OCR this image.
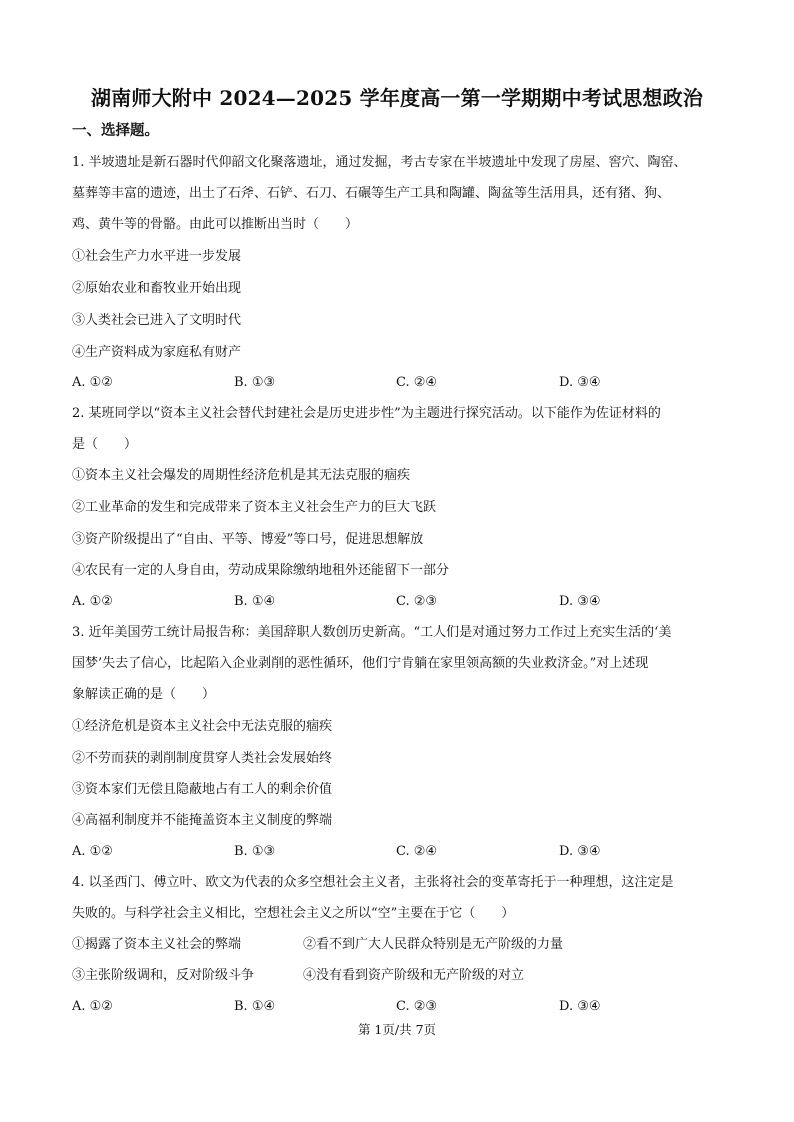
湖南师大附中 2024—2025 学年度高一第一学期期中考试思想政治
一、选择题。
1. 半坡遗址是新石器时代仰韶文化聚落遗址，通过发掘，考古专家在半坡遗址中发现了房屋、窖穴、陶窑、
墓葬等丰富的遗迹，出土了石斧、石铲、石刀、石碾等生产工具和陶罐、陶盆等生活用具，还有猪、狗、
鸡、黄牛等的骨骼。由此可以推断出当时（　　）
①社会生产力水平进一步发展
②原始农业和畜牧业开始出现
③人类社会已进入了文明时代
④生产资料成为家庭私有财产
A. ①②	B. ①③	C. ②④	D. ③④
2. 某班同学以“资本主义社会替代封建社会是历史进步性”为主题进行探究活动。以下能作为佐证材料的
是（　　）
①资本主义社会爆发的周期性经济危机是其无法克服的痼疾
②工业革命的发生和完成带来了资本主义社会生产力的巨大飞跃
③资产阶级提出了“自由、平等、博爱”等口号，促进思想解放
④农民有一定的人身自由，劳动成果除缴纳地租外还能留下一部分
A. ①②	B. ①④	C. ②③	D. ③④
3. 近年美国劳工统计局报告称：美国辞职人数创历史新高。“工人们是对通过努力工作过上充实生活的‘美
国梦’失去了信心，比起陷入企业剥削的恶性循环，他们宁肯躺在家里领高额的失业救济金。”对上述现
象解读正确的是（　　）
①经济危机是资本主义社会中无法克服的痼疾
②不劳而获的剥削制度贯穿人类社会发展始终
③资本家们无偿且隐蔽地占有工人的剩余价值
④高福利制度并不能掩盖资本主义制度的弊端
A. ①②	B. ①③	C. ②④	D. ③④
4. 以圣西门、傅立叶、欧文为代表的众多空想社会主义者，主张将社会的变革寄托于一种理想，这注定是
失败的。与科学社会主义相比，空想社会主义之所以“空”主要在于它（　　）
①揭露了资本主义社会的弊端	②看不到广大人民群众特别是无产阶级的力量
③主张阶级调和，反对阶级斗争	④没有看到资产阶级和无产阶级的对立
A. ①②	B. ①④	C. ②③	D. ③④
第 1页/共 7页
